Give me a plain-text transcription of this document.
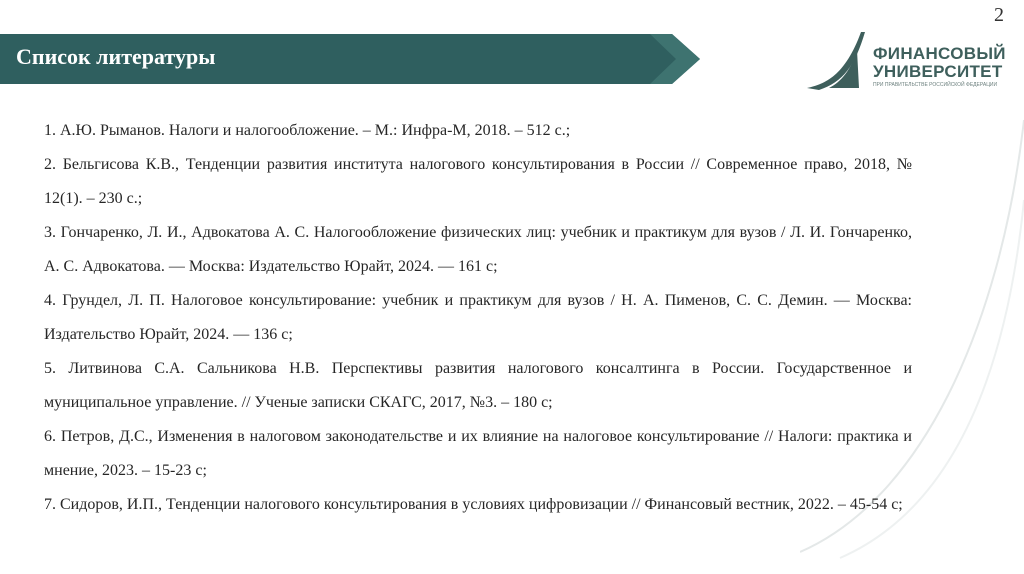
2
Список литературы	ФИНАНСОВЫЙ
УНИВЕРСИТЕТ
ПРИ ПРАВИТЕЛЬСТВЕ РОССИЙСКОЙ ФЕДЕРАЦИИ
1. А.Ю. Рыманов. Налоги и налогообложение. – М.: Инфра-М, 2018. – 512 с.;
2. Бельгисова К.В., Тенденции развития института налогового консультирования в России // Современное право, 2018, № 12(1). – 230 с.;
3. Гончаренко, Л. И., Адвокатова А. С. Налогообложение физических лиц: учебник и практикум для вузов / Л. И. Гончаренко, А. С. Адвокатова. — Москва: Издательство Юрайт, 2024. — 161 с;
4. Грундел, Л. П. Налоговое консультирование: учебник и практикум для вузов / Н. А. Пименов, С. С. Демин. — Москва: Издательство Юрайт, 2024. — 136 с;
5. Литвинова С.А. Сальникова Н.В. Перспективы развития налогового консалтинга в России. Государственное и муниципальное управление. // Ученые записки СКАГС, 2017, №3. – 180 с;
6. Петров, Д.С., Изменения в налоговом законодательстве и их влияние на налоговое консультирование // Налоги: практика и мнение, 2023. – 15-23 с;
7. Сидоров, И.П., Тенденции налогового консультирования в условиях цифровизации // Финансовый вестник, 2022. – 45-54 с;
